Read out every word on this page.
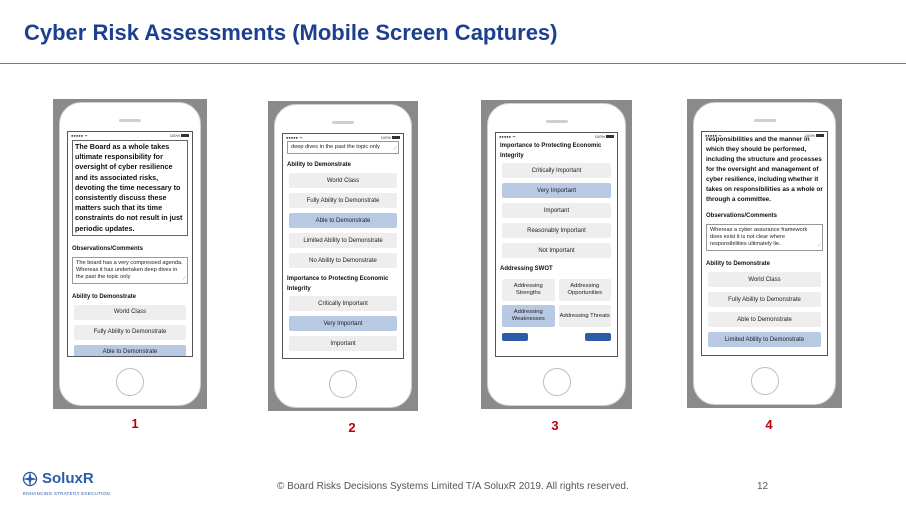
Cyber Risk Assessments (Mobile Screen Captures)
●●●●● ᯤ	100%
The Board as a whole takes ultimate responsibility for oversight of cyber resilience and its associated risks, devoting the time necessary to consistently discuss these matters such that its time constraints do not result in just periodic updates.
Observations/Comments
The board has a very compressed agenda. Whereas it has undertaken deep dives in the past the topic only	⟋
Ability to Demonstrate
World Class
Fully Ability to Demonstrate
Able to Demonstrate
1
●●●●● ᯤ	100%
deep dives in the past the topic only	⟋
Ability to Demonstrate
World Class
Fully Ability to Demonstrate
Able to Demonstrate
Limited Ability to Demonstrate
No Ability to Demonstrate
Importance to Protecting Economic Integrity
Critically Important
Very Important
Important
2
●●●●● ᯤ	100%
Importance to Protecting Economic Integrity
Critically Important
Very Important
Important
Reasonably Important
Not Important
Addressing SWOT
Addressing Strengths
Addressing Opportunities
Addressing Weaknesses
Addressing Threats
3
●●●●● ᯤ	100%
responsibilities and the manner in which they should be performed, including the structure and processes for the oversight and management of cyber resilience, including whether it takes on responsibilities as a whole or through a committee.
Observations/Comments
Whereas a cyber assurance framework does exist it is not clear where responsibilities ultimately lie.	⟋
Ability to Demonstrate
World Class
Fully Ability to Demonstrate
Able to Demonstrate
Limited Ability to Demonstrate
4
SoluxR
ENHANCING STRATEGY EXECUTION
© Board Risks Decisions Systems Limited T/A SoluxR 2019. All rights reserved.	12
